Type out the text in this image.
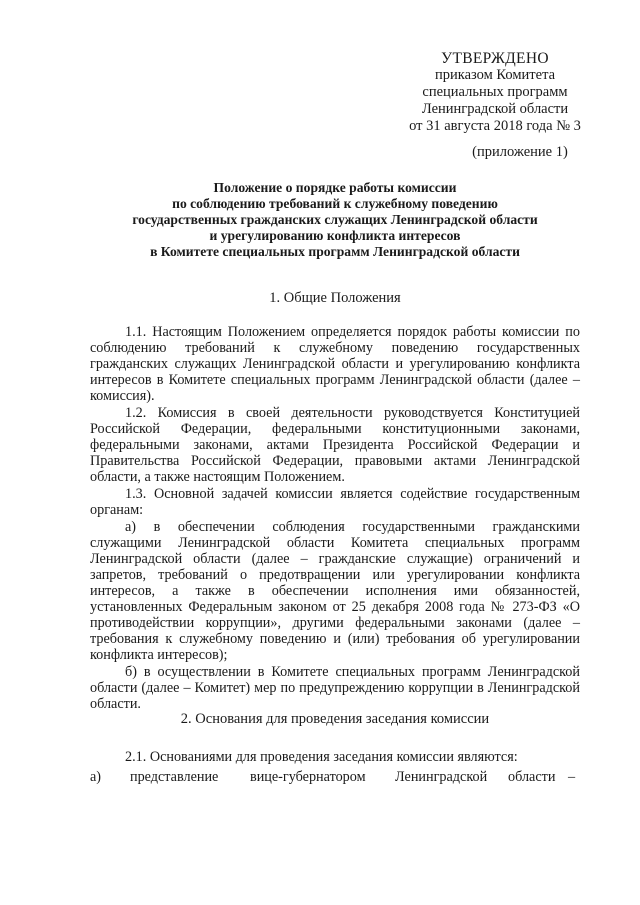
УТВЕРЖДЕНО
приказом Комитета
специальных программ
Ленинградской области
от 31 августа 2018 года № 3
(приложение 1)
Положение о порядке работы комиссии
по соблюдению требований к служебному поведению
государственных гражданских служащих Ленинградской области
и урегулированию конфликта интересов
в Комитете специальных программ Ленинградской области
1. Общие Положения

1.1. Настоящим Положением определяется порядок работы комиссии по соблюдению требований к служебному поведению государственных гражданских служащих Ленинградской области и урегулированию конфликта интересов в Комитете специальных программ Ленинградской области (далее – комиссия).

1.2. Комиссия в своей деятельности руководствуется Конституцией Российской Федерации, федеральными конституционными законами, федеральными законами, актами Президента Российской Федерации и Правительства Российской Федерации, правовыми актами Ленинградской области, а также настоящим Положением.

1.3. Основной задачей комиссии является содействие государственным органам:

а) в обеспечении соблюдения государственными гражданскими служащими Ленинградской области Комитета специальных программ Ленинградской области (далее – гражданские служащие) ограничений и запретов, требований о предотвращении или урегулировании конфликта интересов, а также в обеспечении исполнения ими обязанностей, установленных Федеральным законом от 25 декабря 2008 года № 273-ФЗ «О противодействии коррупции», другими федеральными законами (далее – требования к служебному поведению и (или) требования об урегулировании конфликта интересов);

б) в осуществлении в Комитете специальных программ Ленинградской области (далее – Комитет) мер по предупреждению коррупции в Ленинградской области.

2. Основания для проведения заседания комиссии

2.1. Основаниями для проведения заседания комиссии являются:

а) представление вице-губернатором Ленинградской области –
